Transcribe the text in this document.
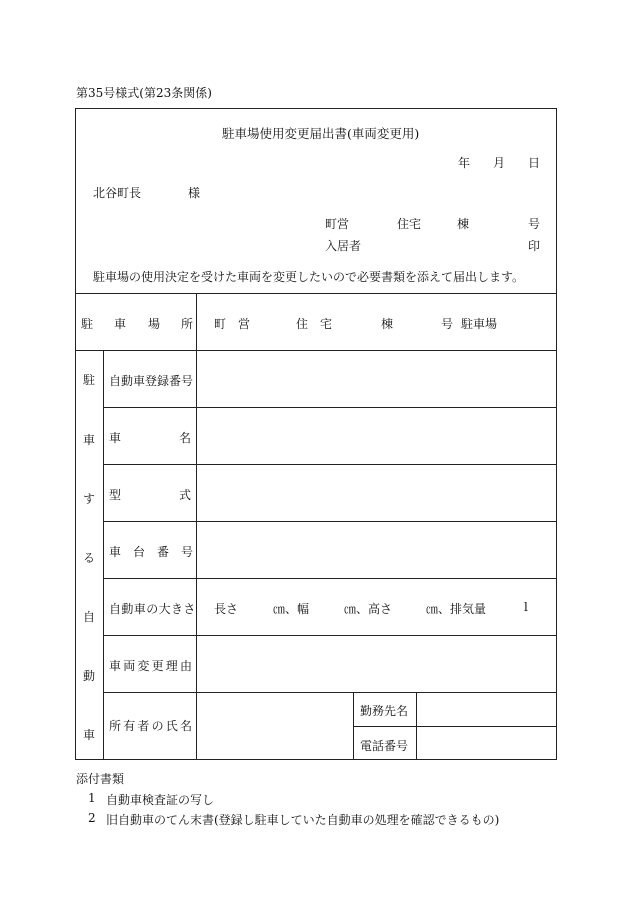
第35号様式(第23条関係)
駐車場使用変更届出書(車両変更用)
年 月 日
北谷町長	様
町営	住宅	棟	号
入居者	印
駐車場の使用決定を受けた車両を変更したいので必要書類を添えて届出します。
駐 車 場 所 町　営	住　宅	棟	号 駐車場
駐
車
す
る
自
動
車
自動車登録番号
車	名
型	式
車 台 番 号
自動車の大きさ 長さ	㎝、幅	㎝、高さ	㎝、排気量	l
車両変更理由
所有者の氏名
勤務先名
電話番号
添付書類
1 自動車検査証の写し
2 旧自動車のてん末書(登録し駐車していた自動車の処理を確認できるもの)
